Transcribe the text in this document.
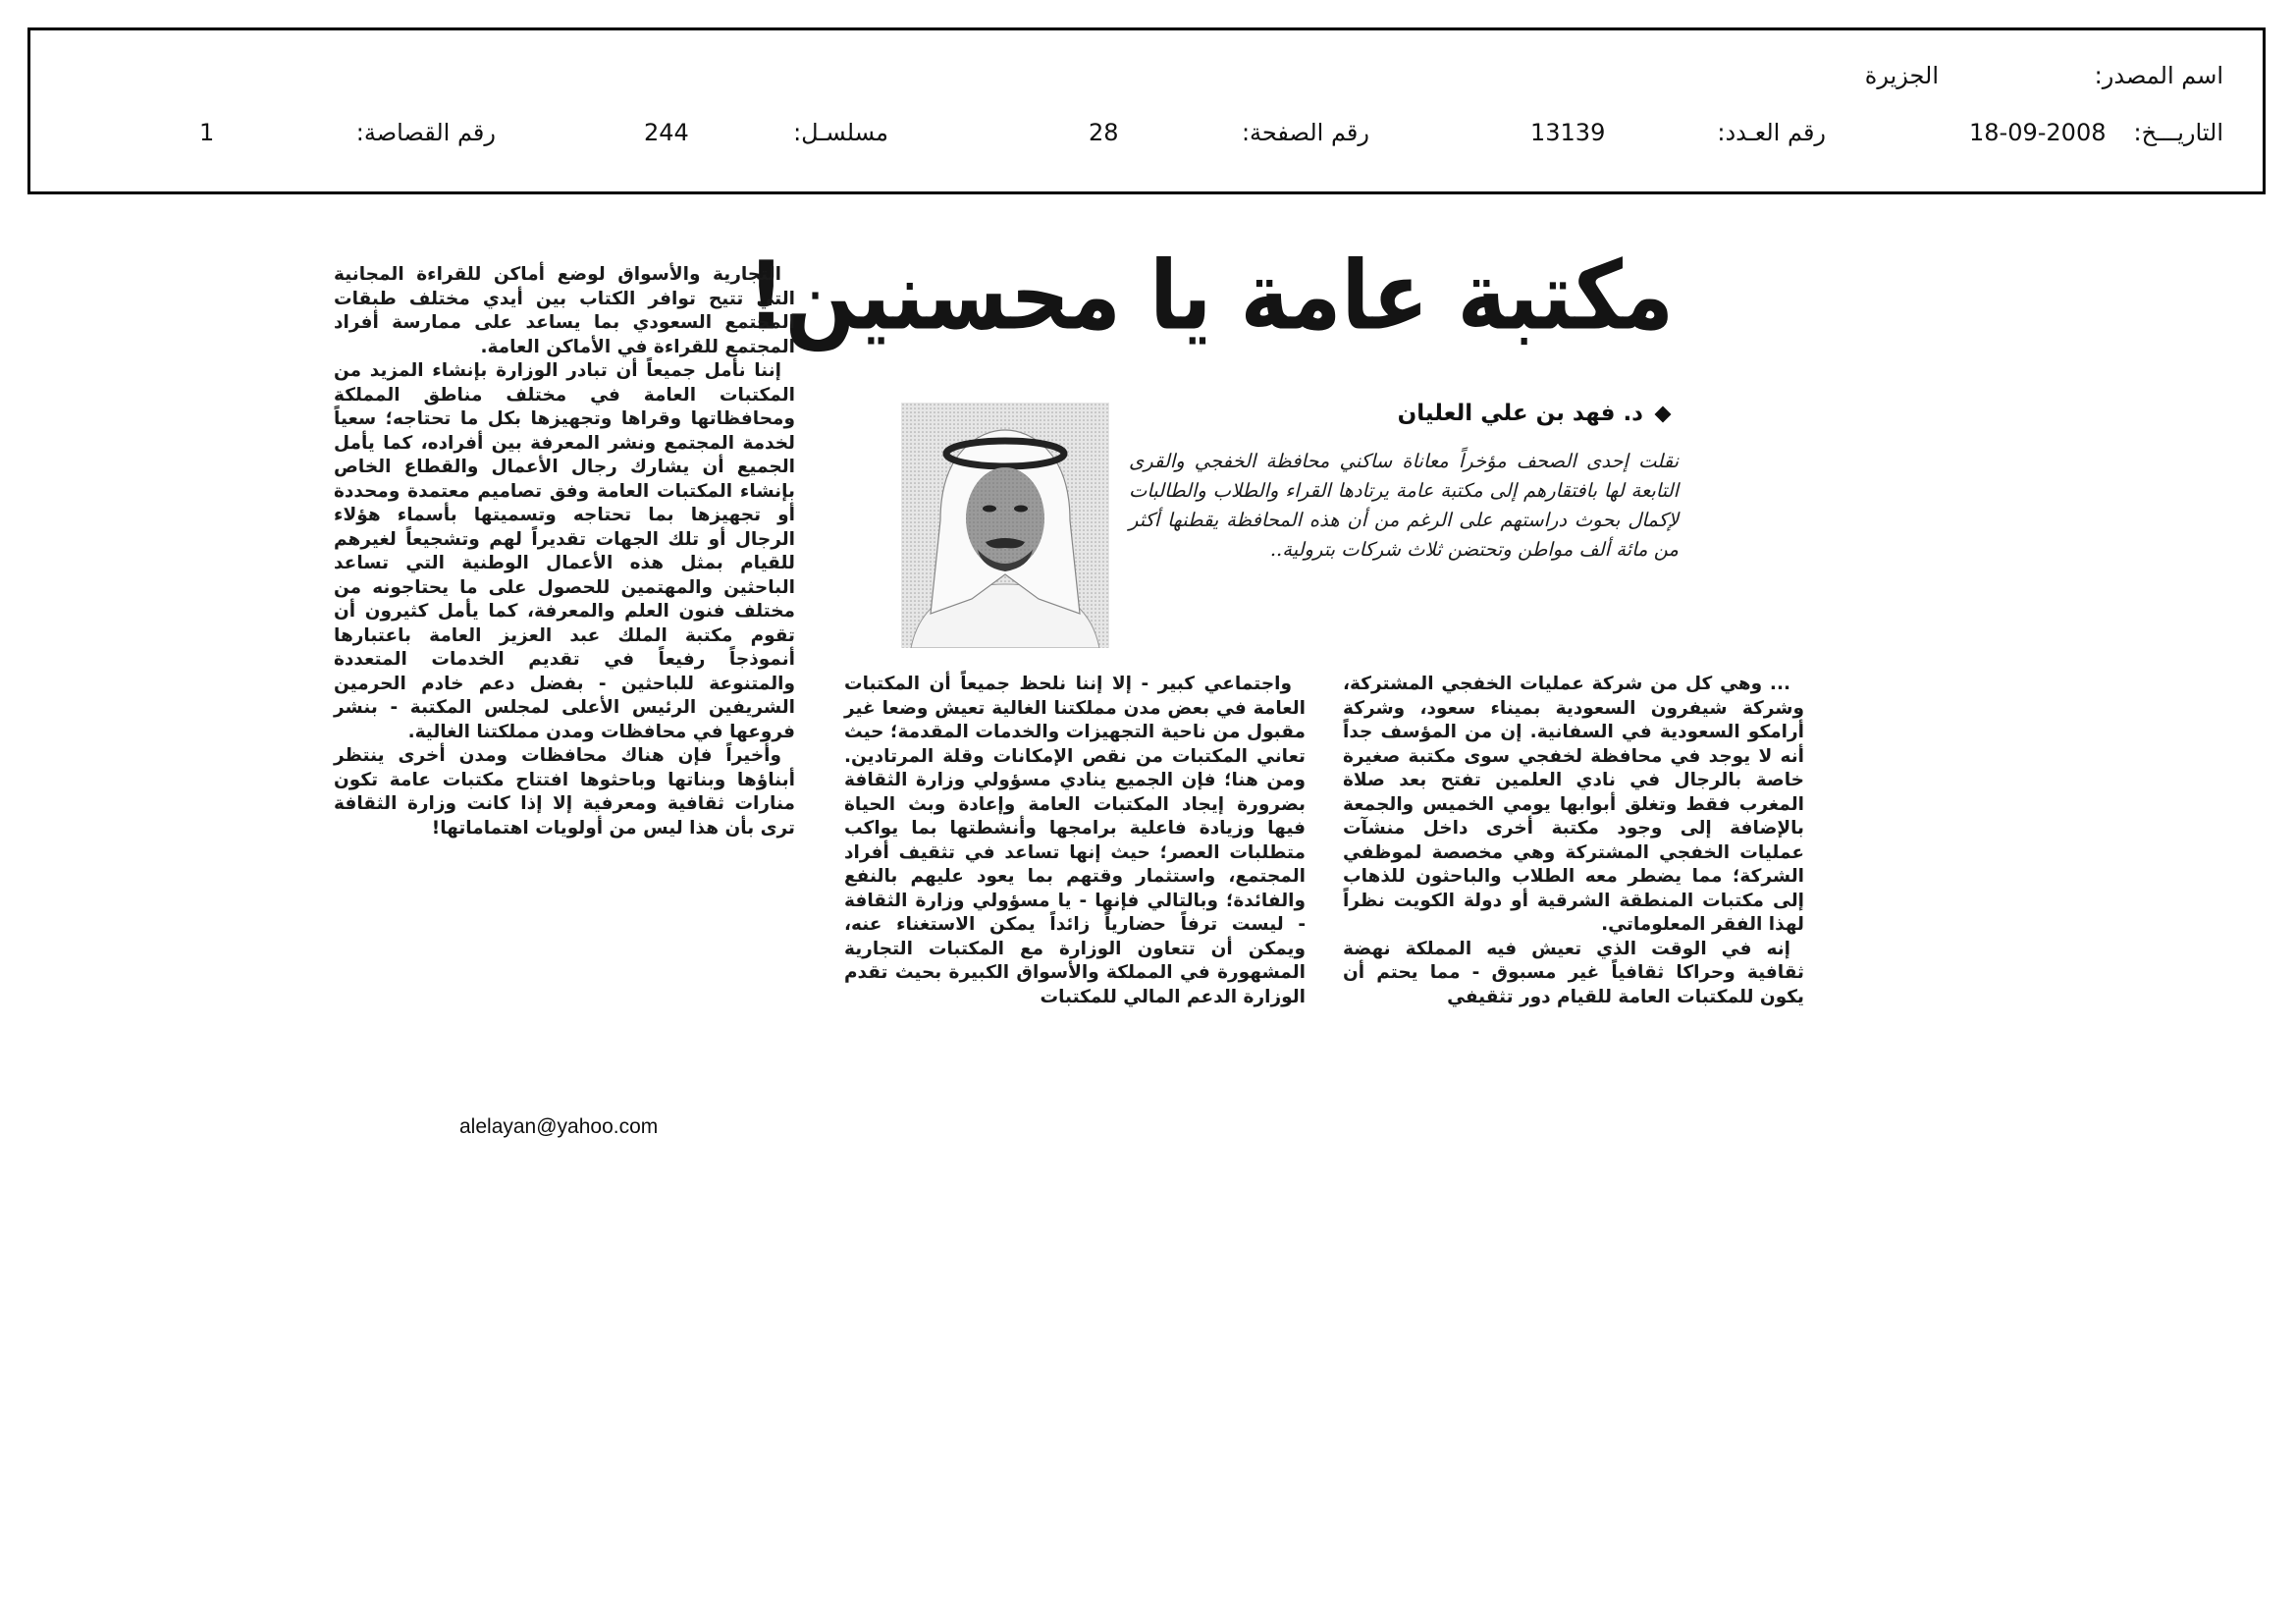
اسم المصدر:
الجزيرة
التاريـــخ:
18-09-2008
رقم العـدد:
13139
رقم الصفحة:
28
مسلسـل:
244
رقم القصاصة:
1
مكتبة عامة يا محسنين!
د. فهد بن علي العليان
نقلت إحدى الصحف مؤخراً معاناة ساكني محافظة الخفجي والقرى التابعة لها بافتقارهم إلى مكتبة عامة يرتادها القراء والطلاب والطالبات لإكمال بحوث دراستهم على الرغم من أن هذه المحافظة يقطنها أكثر من مائة ألف مواطن وتحتضن ثلاث شركات بترولية..

... وهي كل من شركة عمليات الخفجي المشتركة، وشركة شيفرون السعودية بميناء سعود، وشركة أرامكو السعودية في السفانية. إن من المؤسف جداً أنه لا يوجد في محافظة لخفجي سوى مكتبة صغيرة خاصة بالرجال في نادي العلمين تفتح بعد صلاة المغرب فقط وتغلق أبوابها يومي الخميس والجمعة بالإضافة إلى وجود مكتبة أخرى داخل منشآت عمليات الخفجي المشتركة وهي مخصصة لموظفي الشركة؛ مما يضطر معه الطلاب والباحثون للذهاب إلى مكتبات المنطقة الشرقية أو دولة الكويت نظراً لهذا الفقر المعلوماتي.

إنه في الوقت الذي تعيش فيه المملكة نهضة ثقافية وحراكا ثقافياً غير مسبوق - مما يحتم أن يكون للمكتبات العامة للقيام دور تثقيفي

واجتماعي كبير - إلا إننا نلحظ جميعاً أن المكتبات العامة في بعض مدن مملكتنا الغالية تعيش وضعا غير مقبول من ناحية التجهيزات والخدمات المقدمة؛ حيث تعاني المكتبات من نقص الإمكانات وقلة المرتادين. ومن هنا؛ فإن الجميع ينادي مسؤولي وزارة الثقافة بضرورة إيجاد المكتبات العامة وإعادة وبث الحياة فيها وزيادة فاعلية برامجها وأنشطتها بما يواكب متطلبات العصر؛ حيث إنها تساعد في تثقيف أفراد المجتمع، واستثمار وقتهم بما يعود عليهم بالنفع والفائدة؛ وبالتالي فإنها - يا مسؤولي وزارة الثقافة - ليست ترفاً حضارياً زائداً يمكن الاستغناء عنه، ويمكن أن تتعاون الوزارة مع المكتبات التجارية المشهورة في المملكة والأسواق الكبيرة بحيث تقدم الوزارة الدعم المالي للمكتبات

التجارية والأسواق لوضع أماكن للقراءة المجانية التي تتيح توافر الكتاب بين أيدي مختلف طبقات المجتمع السعودي بما يساعد على ممارسة أفراد المجتمع للقراءة في الأماكن العامة.

إننا نأمل جميعاً أن تبادر الوزارة بإنشاء المزيد من المكتبات العامة في مختلف مناطق المملكة ومحافظاتها وقراها وتجهيزها بكل ما تحتاجه؛ سعياً لخدمة المجتمع ونشر المعرفة بين أفراده، كما يأمل الجميع أن يشارك رجال الأعمال والقطاع الخاص بإنشاء المكتبات العامة وفق تصاميم معتمدة ومحددة أو تجهيزها بما تحتاجه وتسميتها بأسماء هؤلاء الرجال أو تلك الجهات تقديراً لهم وتشجيعاً لغيرهم للقيام بمثل هذه الأعمال الوطنية التي تساعد الباحثين والمهتمين للحصول على ما يحتاجونه من مختلف فنون العلم والمعرفة، كما يأمل كثيرون أن تقوم مكتبة الملك عبد العزيز العامة باعتبارها أنموذجاً رفيعاً في تقديم الخدمات المتعددة والمتنوعة للباحثين - بفضل دعم خادم الحرمين الشريفين الرئيس الأعلى لمجلس المكتبة - بنشر فروعها في محافظات ومدن مملكتنا الغالية.

وأخيراً فإن هناك محافظات ومدن أخرى ينتظر أبناؤها وبناتها وباحثوها افتتاح مكتبات عامة تكون منارات ثقافية ومعرفية إلا إذا كانت وزارة الثقافة ترى بأن هذا ليس من أولويات اهتماماتها!

alelayan@yahoo.com
